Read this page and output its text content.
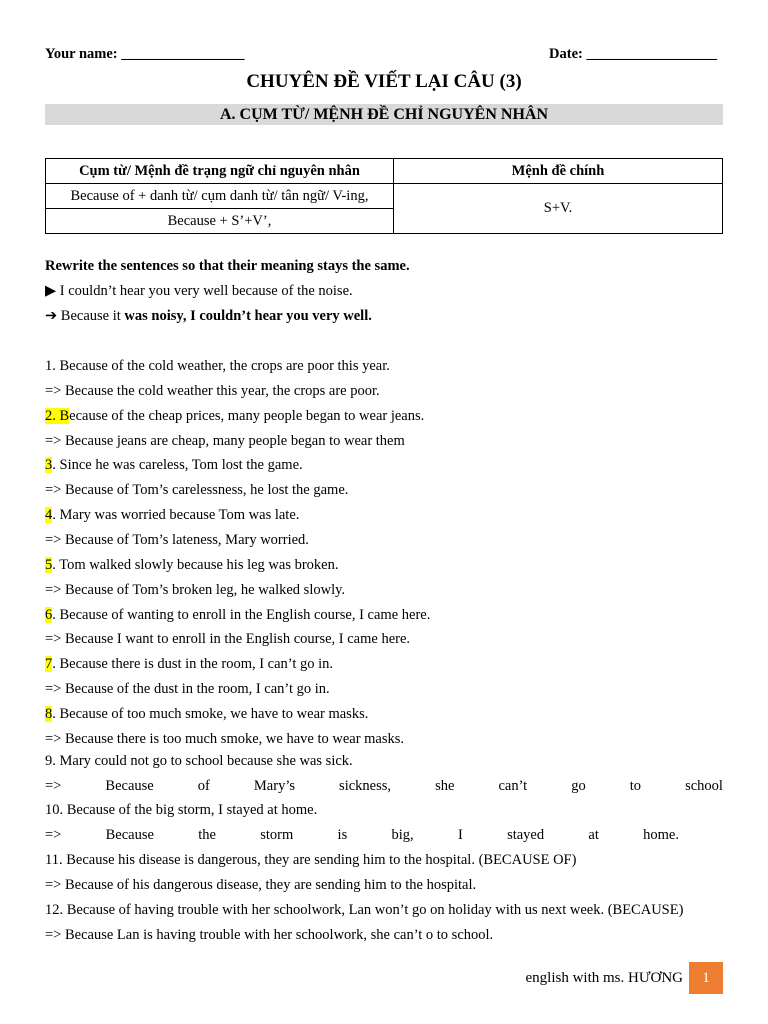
Your name: _________________	Date: __________________
CHUYÊN ĐỀ VIẾT LẠI CÂU (3)
A. CỤM TỪ/ MỆNH ĐỀ CHỈ NGUYÊN NHÂN
Cụm từ/ Mệnh đề trạng ngữ chỉ nguyên nhân	Mệnh đề chính
Because of + danh từ/ cụm danh từ/ tân ngữ/ V-ing,	S+V.
Because + S’+V’,	
Rewrite the sentences so that their meaning stays the same.
▶ I couldn’t hear you very well because of the noise.
➔ Because it was noisy, I couldn’t hear you very well.
1. Because of the cold weather, the crops are poor this year.
=> Because the cold weather this year, the crops are poor.
2. Because of the cheap prices, many people began to wear jeans.
=> Because jeans are cheap, many people began to wear them
3. Since he was careless, Tom lost the game.
=> Because of Tom’s carelessness, he lost the game.
4. Mary was worried because Tom was late.
=> Because of Tom’s lateness, Mary worried.
5. Tom walked slowly because his leg was broken.
=> Because of Tom’s broken leg, he walked slowly.
6. Because of wanting to enroll in the English course, I came here.
=> Because I want to enroll in the English course, I came here.
7. Because there is dust in the room, I can’t go in.
=> Because of the dust in the room, I can’t go in.
8. Because of too much smoke, we have to wear masks.
=> Because there is too much smoke, we have to wear masks.
9. Mary could not go to school because she was sick.
=>	Because	of	Mary’s	sickness,	she	can’t	go	to	school
10. Because of the big storm, I stayed at home.
=>	Because	the	storm	is	big,	I	stayed	at	home.
11. Because his disease is dangerous, they are sending him to the hospital. (BECAUSE OF)
=> Because of his dangerous disease, they are sending him to the hospital.
12. Because of having trouble with her schoolwork, Lan won’t go on holiday with us next week. (BECAUSE)
=> Because Lan is having trouble with her schoolwork, she can’t o to school.
english with ms. HƯƠNG	1
